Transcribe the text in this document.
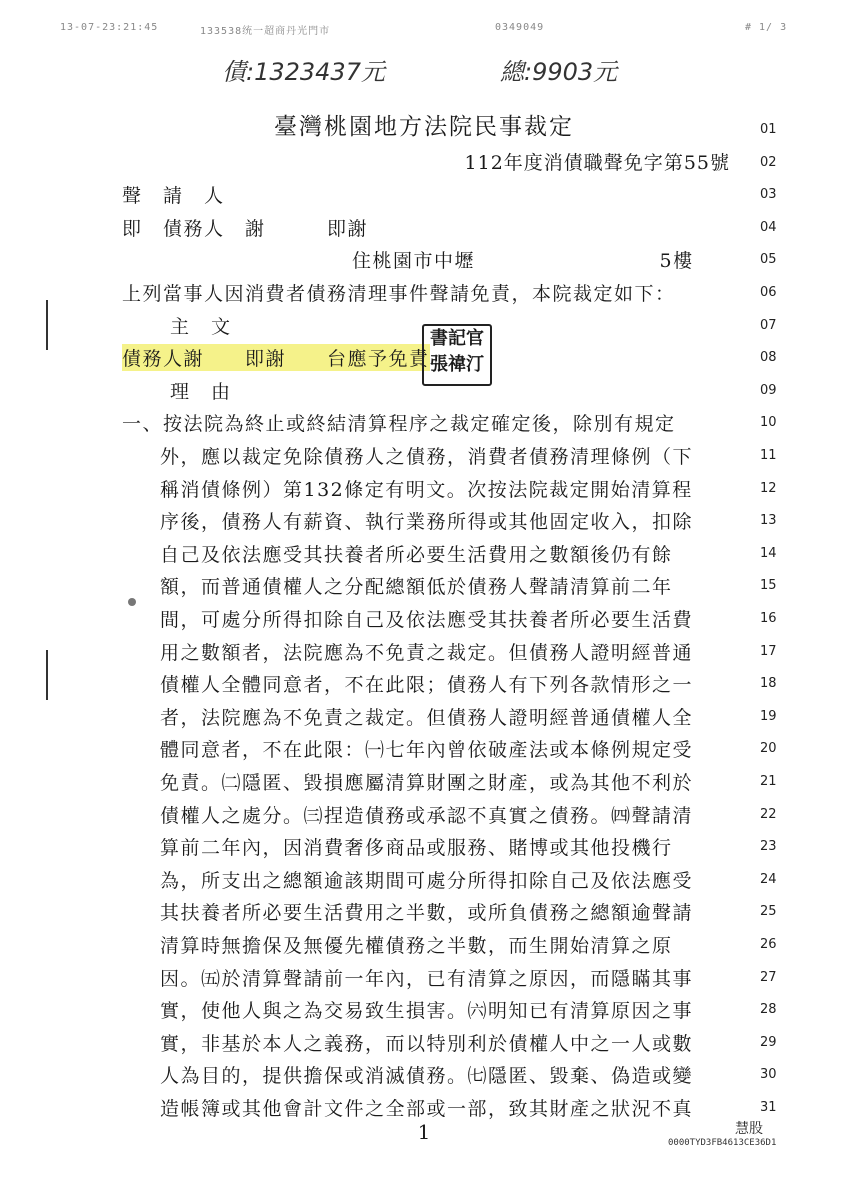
13-07-23:21:45	133538统一超商丹光門市	0349049	# 1/ 3
債:1323437元	總:9903元
臺灣桃園地方法院民事裁定
112年度消債職聲免字第55號
01
02
03
聲　請　人
04
即　債務人　謝　　　即謝
05
住桃園市中壢　　　　　　　　　5樓
06
上列當事人因消費者債務清理事件聲請免責，本院裁定如下：
07
主　文
08
債務人謝　　即謝　　台應予免責
09
理　由
10
一、按法院為終止或終結清算程序之裁定確定後，除別有規定
11
外，應以裁定免除債務人之債務，消費者債務清理條例（下
12
稱消債條例）第132條定有明文。次按法院裁定開始清算程
13
序後，債務人有薪資、執行業務所得或其他固定收入，扣除
14
自己及依法應受其扶養者所必要生活費用之數額後仍有餘
15
額，而普通債權人之分配總額低於債務人聲請清算前二年
16
間，可處分所得扣除自己及依法應受其扶養者所必要生活費
17
用之數額者，法院應為不免責之裁定。但債務人證明經普通
18
債權人全體同意者，不在此限；債務人有下列各款情形之一
19
者，法院應為不免責之裁定。但債務人證明經普通債權人全
20
體同意者，不在此限：㈠七年內曾依破產法或本條例規定受
21
免責。㈡隱匿、毀損應屬清算財團之財產，或為其他不利於
22
債權人之處分。㈢捏造債務或承認不真實之債務。㈣聲請清
23
算前二年內，因消費奢侈商品或服務、賭博或其他投機行
24
為，所支出之總額逾該期間可處分所得扣除自己及依法應受
25
其扶養者所必要生活費用之半數，或所負債務之總額逾聲請
26
清算時無擔保及無優先權債務之半數，而生開始清算之原
27
因。㈤於清算聲請前一年內，已有清算之原因，而隱瞞其事
28
實，使他人與之為交易致生損害。㈥明知已有清算原因之事
29
實，非基於本人之義務，而以特別利於債權人中之一人或數
30
人為目的，提供擔保或消滅債務。㈦隱匿、毀棄、偽造或變
31
造帳簿或其他會計文件之全部或一部，致其財產之狀況不真
書記官
張禕汀
1	慧股
0000TYD3FB4613CE36D1
